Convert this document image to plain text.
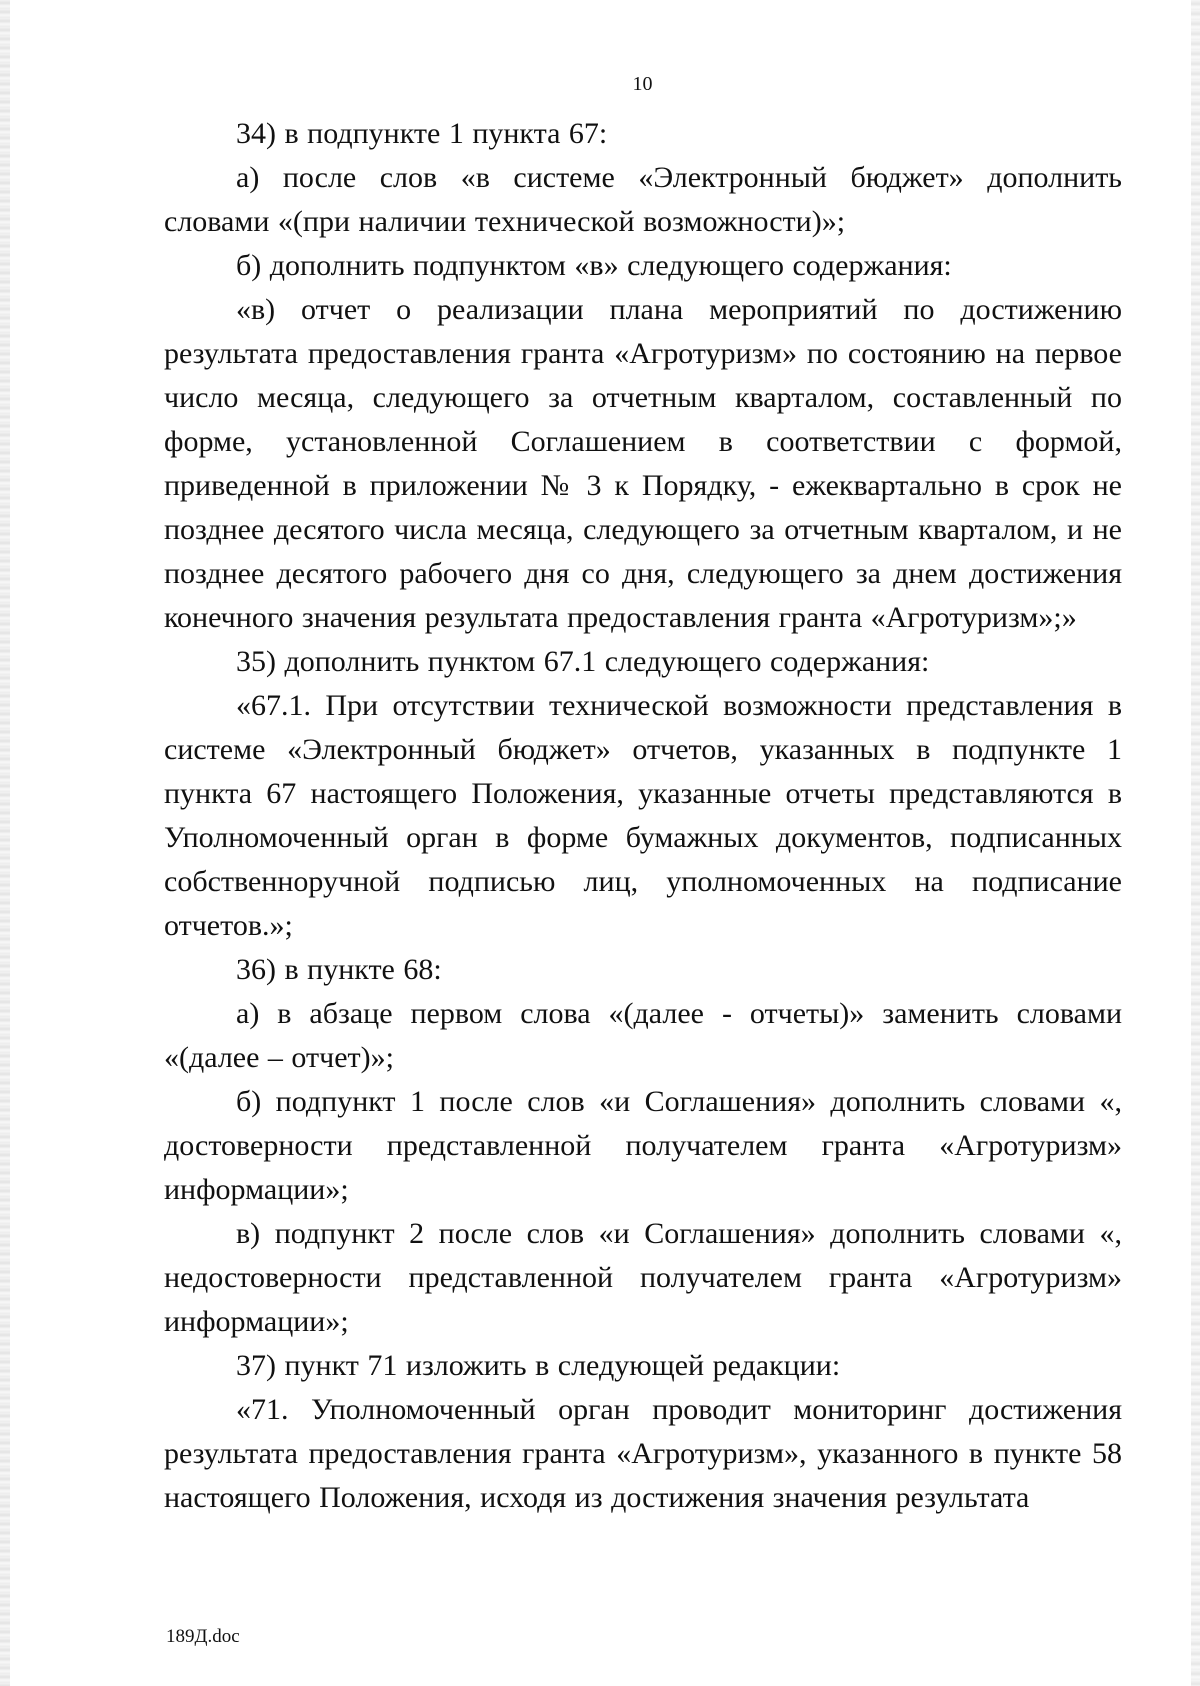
10

34) в подпункте 1 пункта 67:

а) после слов «в системе «Электронный бюджет» дополнить словами «(при наличии технической возможности)»;

б) дополнить подпунктом «в» следующего содержания:

«в) отчет о реализации плана мероприятий по достижению результата предоставления гранта «Агротуризм» по состоянию на первое число месяца, следующего за отчетным кварталом, составленный по форме, установленной Соглашением в соответствии с формой, приведенной в приложении № 3 к Порядку, - ежеквартально в срок не позднее десятого числа месяца, следующего за отчетным кварталом, и не позднее десятого рабочего дня со дня, следующего за днем достижения конечного значения результата предоставления гранта «Агротуризм»;»

35) дополнить пунктом 67.1 следующего содержания:

«67.1. При отсутствии технической возможности представления в системе «Электронный бюджет» отчетов, указанных в подпункте 1 пункта 67 настоящего Положения, указанные отчеты представляются в Уполномоченный орган в форме бумажных документов, подписанных собственноручной подписью лиц, уполномоченных на подписание отчетов.»;

36) в пункте 68:

а) в абзаце первом слова «(далее - отчеты)» заменить словами «(далее – отчет)»;

б) подпункт 1 после слов «и Соглашения» дополнить словами «, достоверности представленной получателем гранта «Агротуризм» информации»;

в) подпункт 2 после слов «и Соглашения» дополнить словами «, недостоверности представленной получателем гранта «Агротуризм» информации»;

37) пункт 71 изложить в следующей редакции:

«71. Уполномоченный орган проводит мониторинг достижения результата предоставления гранта «Агротуризм», указанного в пункте 58 настоящего Положения, исходя из достижения значения результата

189Д.doc
